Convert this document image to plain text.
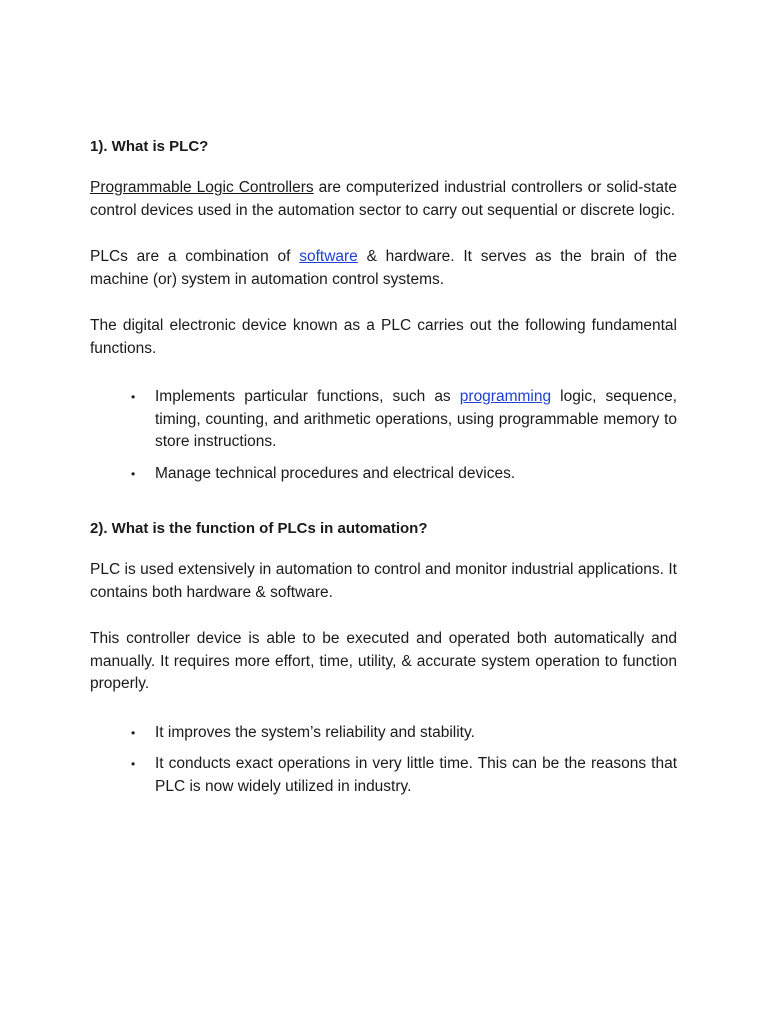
1). What is PLC?

Programmable Logic Controllers are computerized industrial controllers or solid-state control devices used in the automation sector to carry out sequential or discrete logic.

PLCs are a combination of software & hardware. It serves as the brain of the machine (or) system in automation control systems.

The digital electronic device known as a PLC carries out the following fundamental functions.

• Implements particular functions, such as programming logic, sequence, timing, counting, and arithmetic operations, using programmable memory to store instructions.
• Manage technical procedures and electrical devices.
2). What is the function of PLCs in automation?

PLC is used extensively in automation to control and monitor industrial applications. It contains both hardware & software.

This controller device is able to be executed and operated both automatically and manually. It requires more effort, time, utility, & accurate system operation to function properly.

• It improves the system’s reliability and stability.
• It conducts exact operations in very little time. This can be the reasons that PLC is now widely utilized in industry.
